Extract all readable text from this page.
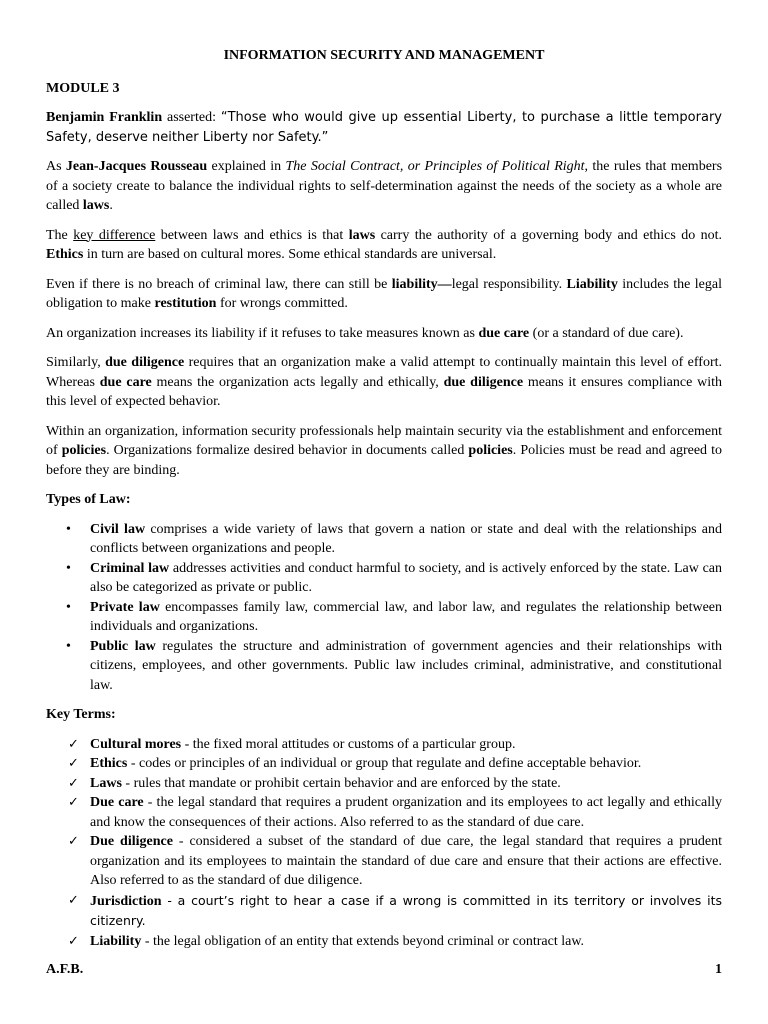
INFORMATION SECURITY AND MANAGEMENT
MODULE 3

Benjamin Franklin asserted: “Those who would give up essential Liberty, to purchase a little temporary Safety, deserve neither Liberty nor Safety.”

As Jean-Jacques Rousseau explained in The Social Contract, or Principles of Political Right, the rules that members of a society create to balance the individual rights to self-determination against the needs of the society as a whole are called laws.

The key difference between laws and ethics is that laws carry the authority of a governing body and ethics do not. Ethics in turn are based on cultural mores. Some ethical standards are universal.

Even if there is no breach of criminal law, there can still be liability—legal responsibility. Liability includes the legal obligation to make restitution for wrongs committed.

An organization increases its liability if it refuses to take measures known as due care (or a standard of due care).

Similarly, due diligence requires that an organization make a valid attempt to continually maintain this level of effort. Whereas due care means the organization acts legally and ethically, due diligence means it ensures compliance with this level of expected behavior.

Within an organization, information security professionals help maintain security via the establishment and enforcement of policies. Organizations formalize desired behavior in documents called policies. Policies must be read and agreed to before they are binding.

Types of Law:
• Civil law comprises a wide variety of laws that govern a nation or state and deal with the relationships and conflicts between organizations and people.
• Criminal law addresses activities and conduct harmful to society, and is actively enforced by the state. Law can also be categorized as private or public.
• Private law encompasses family law, commercial law, and labor law, and regulates the relationship between individuals and organizations.
• Public law regulates the structure and administration of government agencies and their relationships with citizens, employees, and other governments. Public law includes criminal, administrative, and constitutional law.
Key Terms:
✓ Cultural mores - the fixed moral attitudes or customs of a particular group.
✓ Ethics - codes or principles of an individual or group that regulate and define acceptable behavior.
✓ Laws - rules that mandate or prohibit certain behavior and are enforced by the state.
✓ Due care - the legal standard that requires a prudent organization and its employees to act legally and ethically and know the consequences of their actions. Also referred to as the standard of due care.
✓ Due diligence - considered a subset of the standard of due care, the legal standard that requires a prudent organization and its employees to maintain the standard of due care and ensure that their actions are effective. Also referred to as the standard of due diligence.
✓ Jurisdiction - a court’s right to hear a case if a wrong is committed in its territory or involves its citizenry.
✓ Liability - the legal obligation of an entity that extends beyond criminal or contract law.
A.F.B.	1
